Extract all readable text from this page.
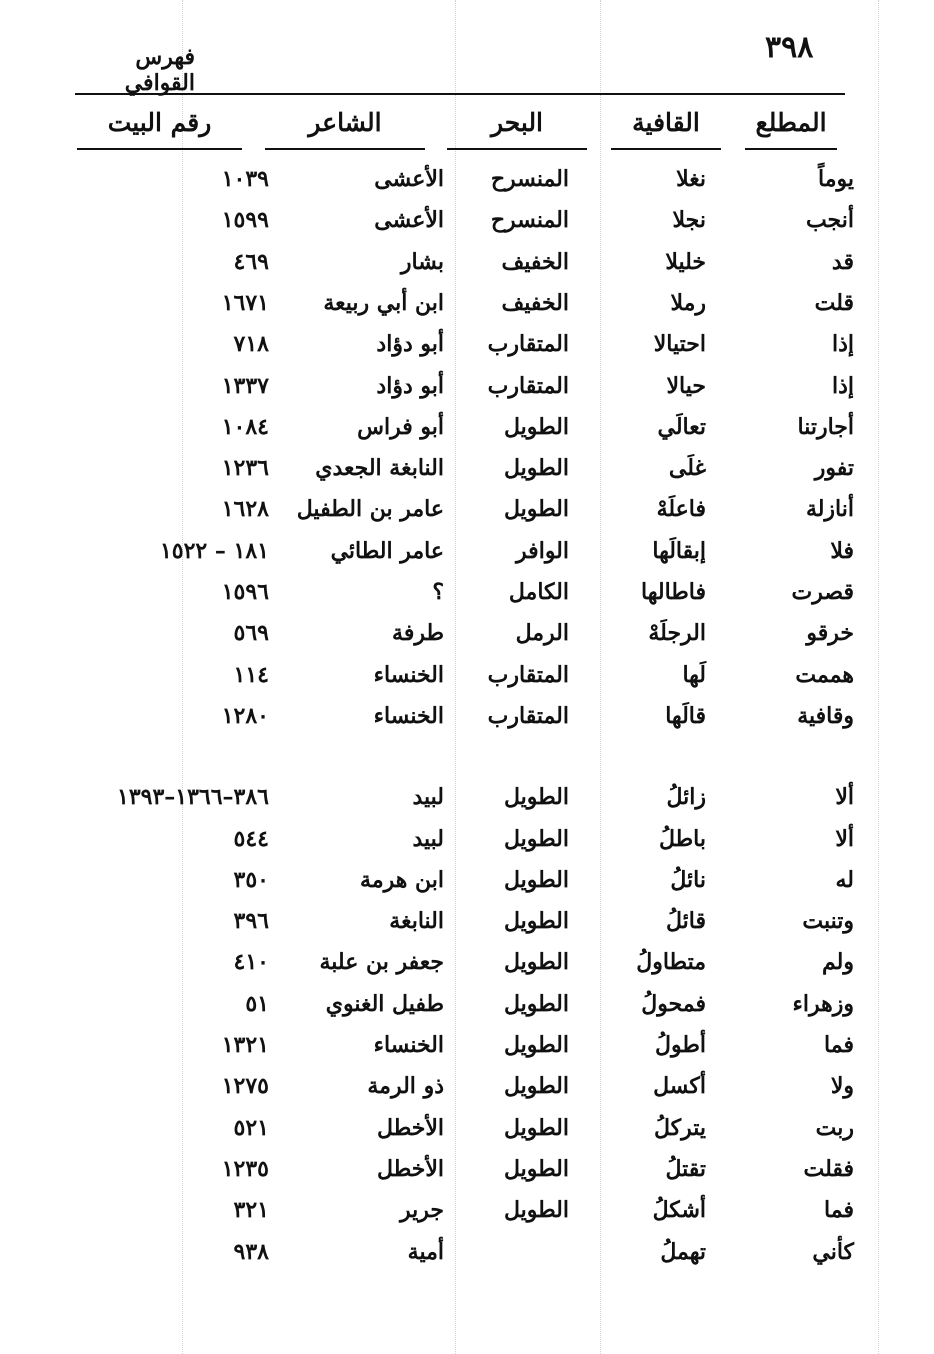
٣٩٨
فهرس القوافي
المطلع
القافية
البحر
الشاعر
رقم البيت
يوماً
نغلا
المنسرح
الأعشى
١٠٣٩
أنجب
نجلا
المنسرح
الأعشى
١٥٩٩
قد
خليلا
الخفيف
بشار
٤٦٩
قلت
رملا
الخفيف
ابن أبي ربيعة
١٦٧١
إذا
احتيالا
المتقارب
أبو دؤاد
٧١٨
إذا
حيالا
المتقارب
أبو دؤاد
١٣٣٧
أجارتنا
تعالَي
الطويل
أبو فراس
١٠٨٤
تفور
غلَى
الطويل
النابغة الجعدي
١٢٣٦
أنازلة
فاعلَهْ
الطويل
عامر بن الطفيل
١٦٢٨
فلا
إبقالَها
الوافر
عامر الطائي
١٨١ – ١٥٢٢
قصرت
فاطالها
الكامل
؟
١٥٩٦
خرقو
الرجلَهْ
الرمل
طرفة
٥٦٩
هممت
لَها
المتقارب
الخنساء
١١٤
وقافية
قالَها
المتقارب
الخنساء
١٢٨٠
ألا
زائلُ
الطويل
لبيد
٣٨٦–١٣٦٦–١٣٩٣
ألا
باطلُ
الطويل
لبيد
٥٤٤
له
نائلُ
الطويل
ابن هرمة
٣٥٠
وتنبت
قائلُ
الطويل
النابغة
٣٩٦
ولم
متطاولُ
الطويل
جعفر بن علبة
٤١٠
وزهراء
فمحولُ
الطويل
طفيل الغنوي
٥١
فما
أطولُ
الطويل
الخنساء
١٣٢١
ولا
أكسل
الطويل
ذو الرمة
١٢٧٥
ربت
يتركلُ
الطويل
الأخطل
٥٢١
فقلت
تقتلُ
الطويل
الأخطل
١٢٣٥
فما
أشكلُ
الطويل
جرير
٣٢١
كأني
تهملُ
أمية
٩٣٨
